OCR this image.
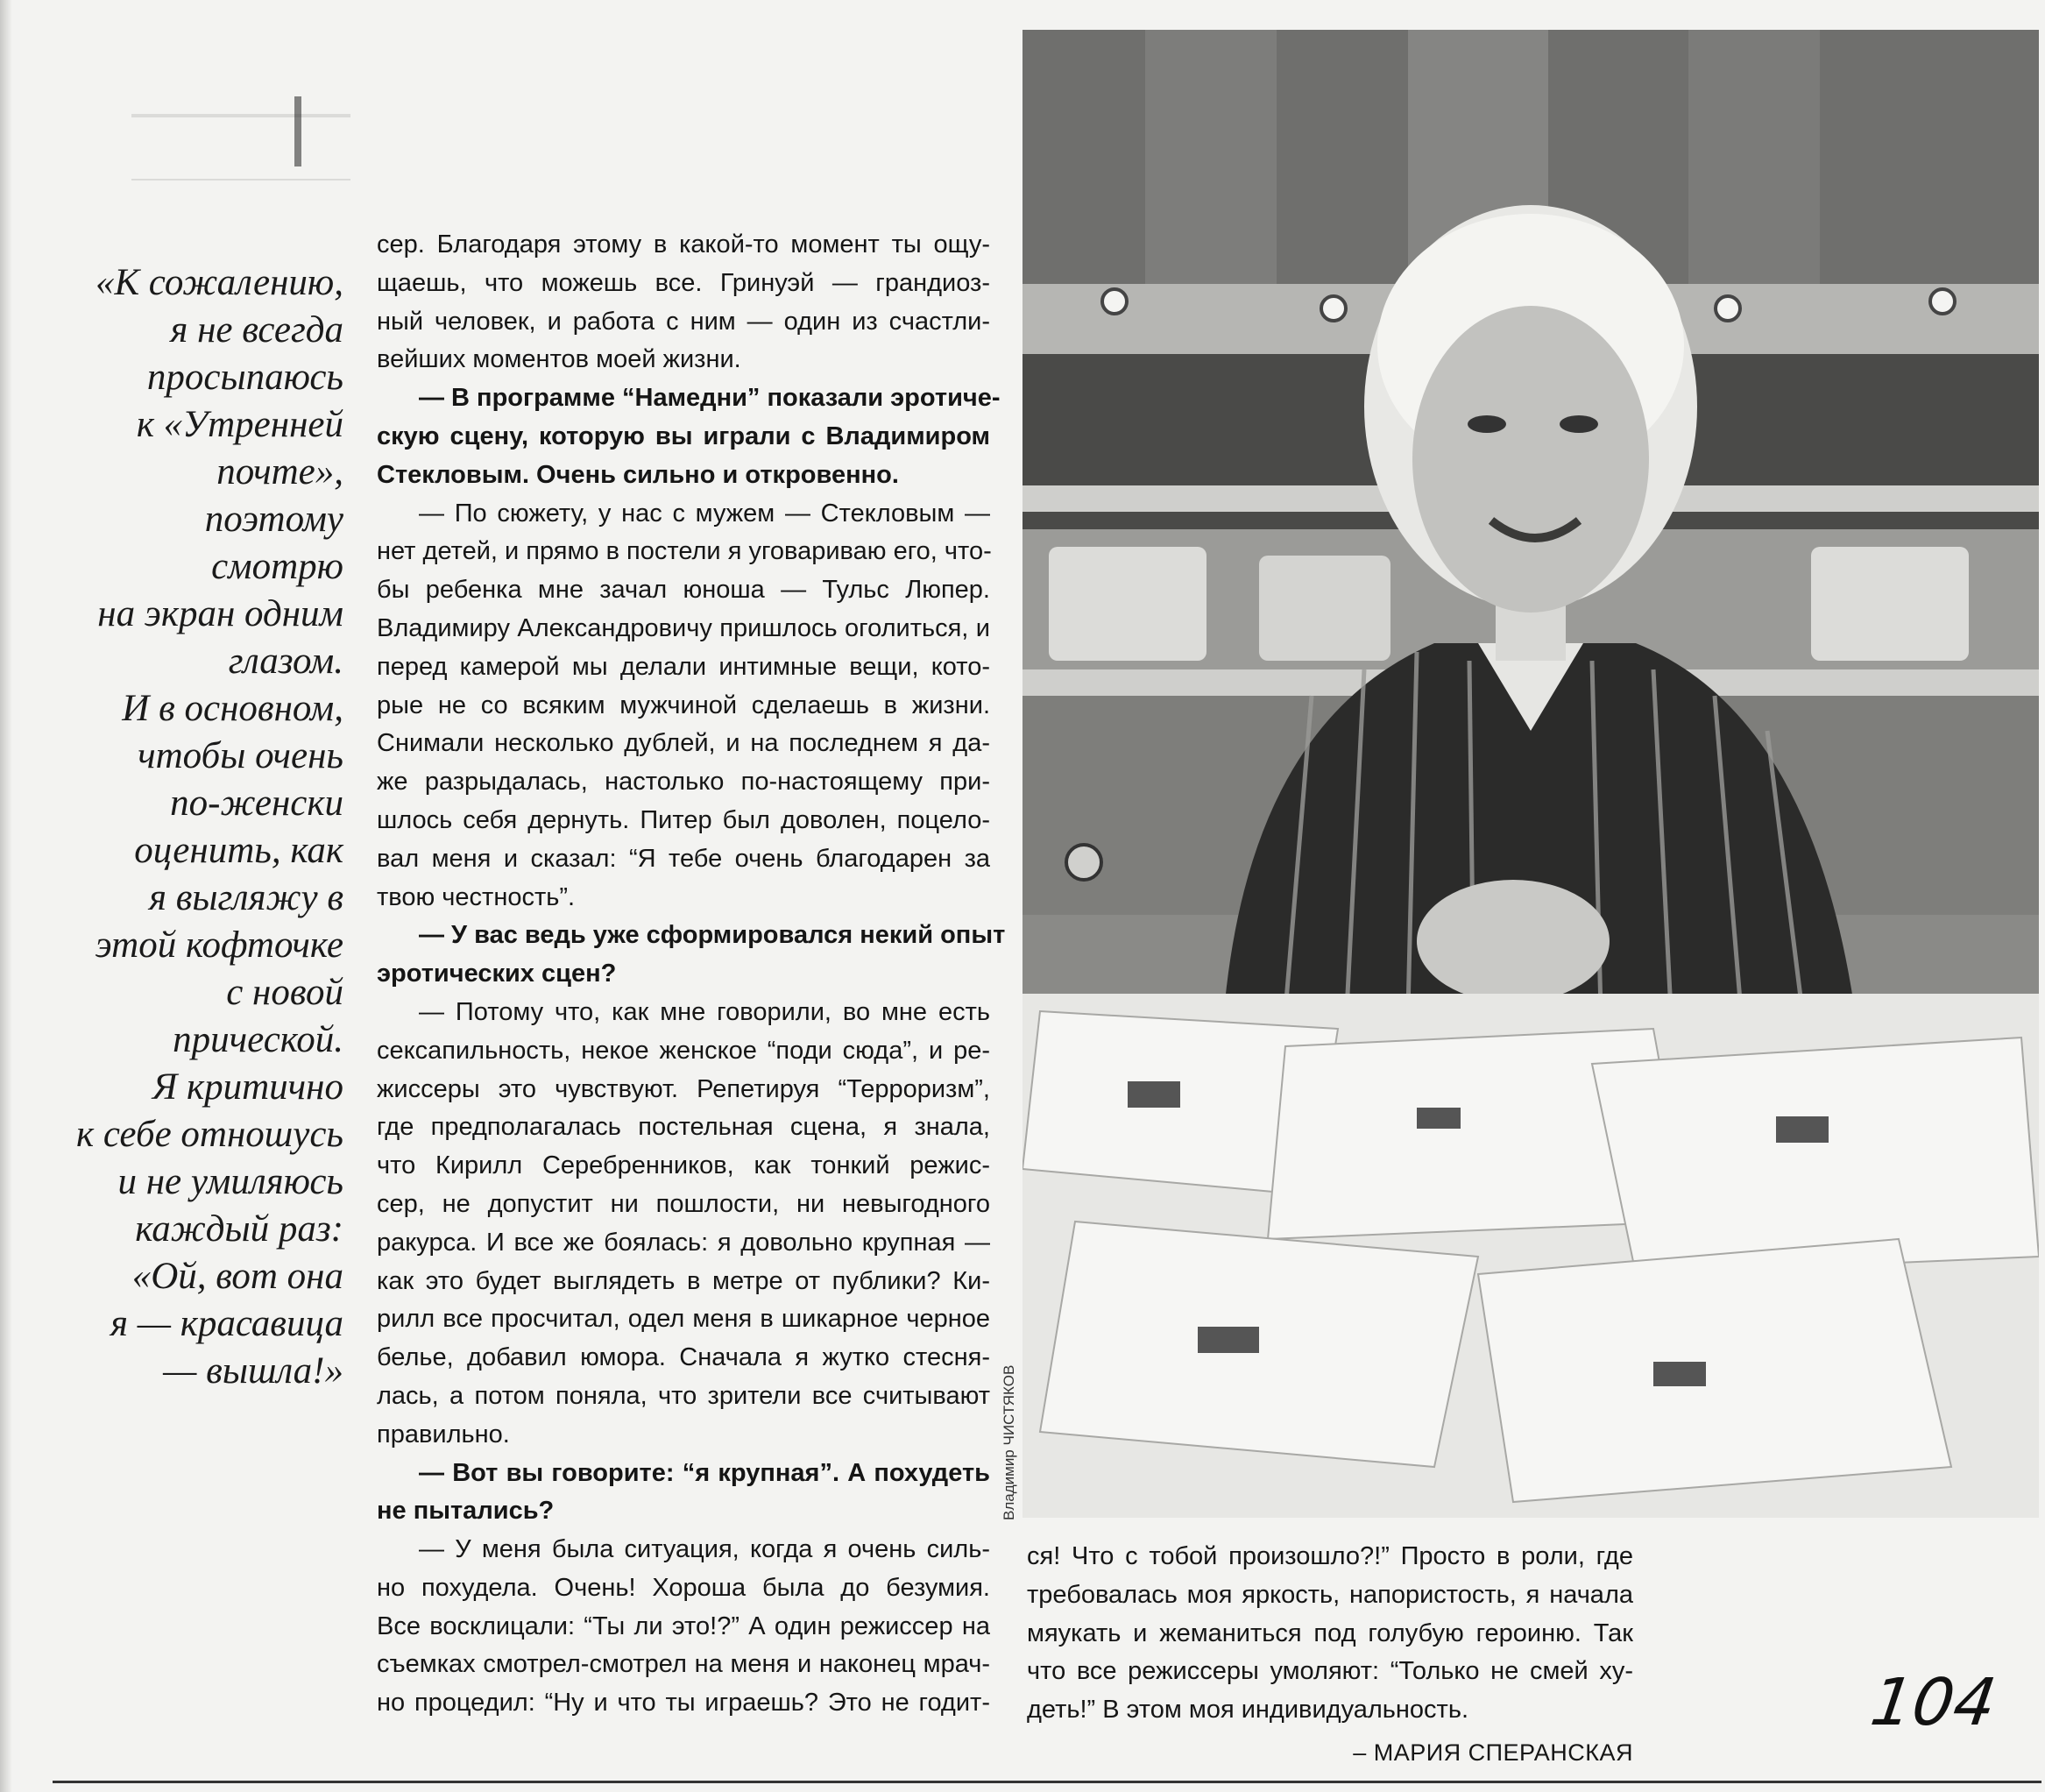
«К сожалению,
я не всегда
просыпаюсь
к «Утренней
почте»,
поэтому
смотрю
на экран одним
глазом.
И в основном,
чтобы очень
по-женски
оценить, как
я выгляжу в
этой кофточке
с новой
прической.
Я критично
к себе отношусь
и не умиляюсь
каждый раз:
«Ой, вот она
я — красавица
— вышла!»
сер. Благодаря этому в какой-то момент ты ощу-
щаешь, что можешь все. Гринуэй — грандиоз-
ный человек, и работа с ним — один из счастли-
вейших моментов моей жизни.
— В программе “Намедни” показали эротиче-
скую сцену, которую вы играли с Владимиром
Стекловым. Очень сильно и откровенно.
— По сюжету, у нас с мужем — Стекловым —
нет детей, и прямо в постели я уговариваю его, что-
бы ребенка мне зачал юноша — Тульс Люпер.
Владимиру Александровичу пришлось оголиться, и
перед камерой мы делали интимные вещи, кото-
рые не со всяким мужчиной сделаешь в жизни.
Снимали несколько дублей, и на последнем я да-
же разрыдалась, настолько по-настоящему при-
шлось себя дернуть. Питер был доволен, поцело-
вал меня и сказал: “Я тебе очень благодарен за
твою честность”.
— У вас ведь уже сформировался некий опыт
эротических сцен?
— Потому что, как мне говорили, во мне есть
сексапильность, некое женское “поди сюда”, и ре-
жиссеры это чувствуют. Репетируя “Терроризм”,
где предполагалась постельная сцена, я знала,
что Кирилл Серебренников, как тонкий режис-
сер, не допустит ни пошлости, ни невыгодного
ракурса. И все же боялась: я довольно крупная —
как это будет выглядеть в метре от публики? Ки-
рилл все просчитал, одел меня в шикарное черное
белье, добавил юмора. Сначала я жутко стесня-
лась, а потом поняла, что зрители все считывают
правильно.
— Вот вы говорите: “я крупная”. А похудеть
не пытались?
— У меня была ситуация, когда я очень силь-
но похудела. Очень! Хороша была до безумия.
Все восклицали: “Ты ли это!?” А один режиссер на
съемках смотрел-смотрел на меня и наконец мрач-
но процедил: “Ну и что ты играешь? Это не годит-
Владимир ЧИСТЯКОВ
ся! Что с тобой произошло?!” Просто в роли, где
требовалась моя яркость, напористость, я начала
мяукать и жеманиться под голубую героиню. Так
что все режиссеры умоляют: “Только не смей ху-
деть!” В этом моя индивидуальность.
– МАРИЯ СПЕРАНСКАЯ
104
